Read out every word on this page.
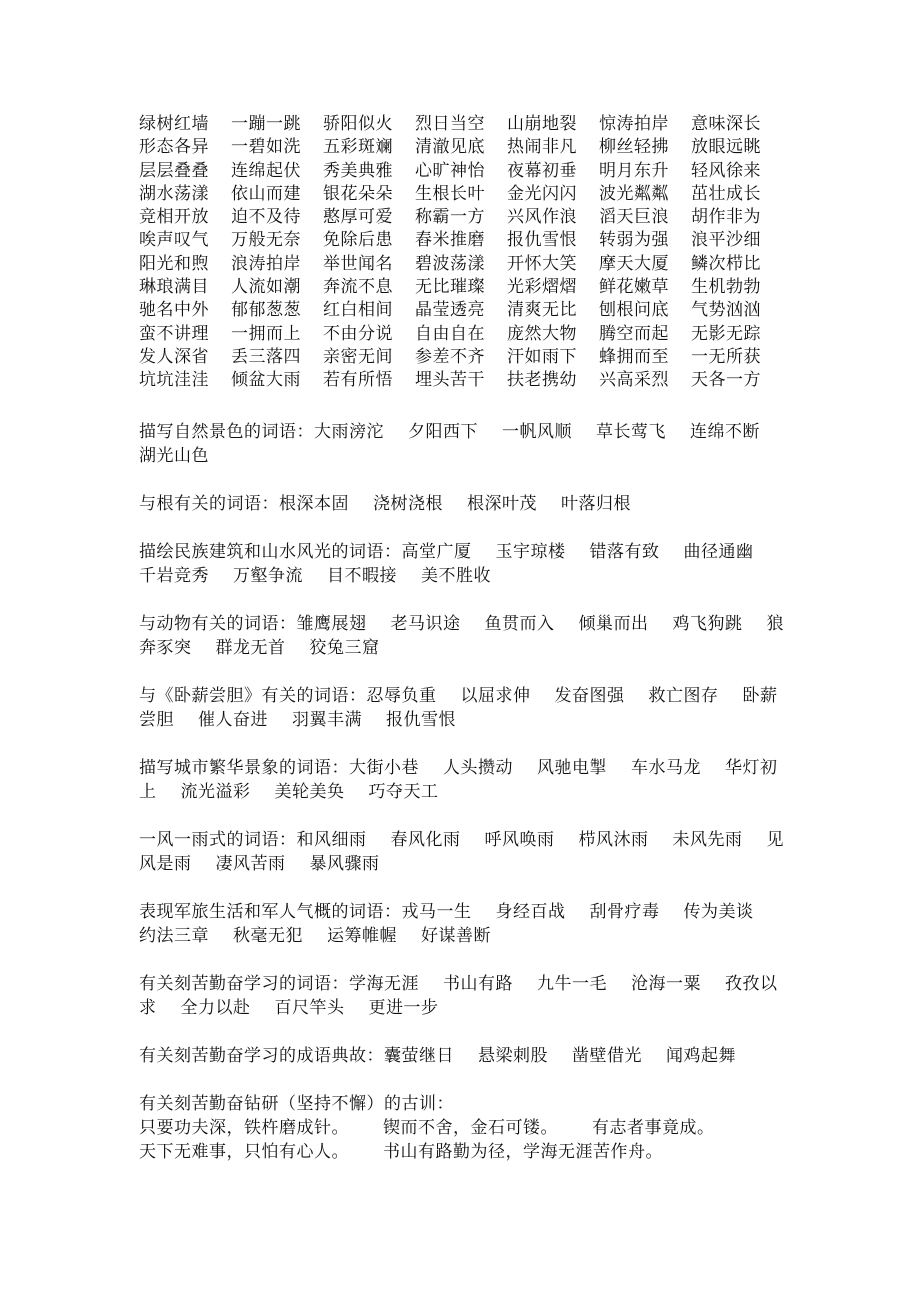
绿树红墙	一蹦一跳	骄阳似火	烈日当空	山崩地裂	惊涛拍岸	意味深长
形态各异	一碧如洗	五彩斑斓	清澈见底	热闹非凡	柳丝轻拂	放眼远眺
层层叠叠	连绵起伏	秀美典雅	心旷神怡	夜幕初垂	明月东升	轻风徐来
湖水荡漾	依山而建	银花朵朵	生根长叶	金光闪闪	波光粼粼	茁壮成长
竞相开放	迫不及待	憨厚可爱	称霸一方	兴风作浪	滔天巨浪	胡作非为
唉声叹气	万般无奈	免除后患	舂米推磨	报仇雪恨	转弱为强	浪平沙细
阳光和煦	浪涛拍岸	举世闻名	碧波荡漾	开怀大笑	摩天大厦	鳞次栉比
琳琅满目	人流如潮	奔流不息	无比璀璨	光彩熠熠	鲜花嫩草	生机勃勃
驰名中外	郁郁葱葱	红白相间	晶莹透亮	清爽无比	刨根问底	气势汹汹
蛮不讲理	一拥而上	不由分说	自由自在	庞然大物	腾空而起	无影无踪
发人深省	丢三落四	亲密无间	参差不齐	汗如雨下	蜂拥而至	一无所获
坑坑洼洼	倾盆大雨	若有所悟	埋头苦干	扶老携幼	兴高采烈	天各一方
描写自然景色的词语：大雨滂沱 夕阳西下 一帆风顺 草长莺飞 连绵不断湖光山色
与根有关的词语：根深本固 浇树浇根 根深叶茂 叶落归根
描绘民族建筑和山水风光的词语：高堂广厦 玉宇琼楼 错落有致 曲径通幽千岩竞秀 万壑争流 目不暇接 美不胜收
与动物有关的词语：雏鹰展翅 老马识途 鱼贯而入 倾巢而出 鸡飞狗跳 狼奔豕突 群龙无首 狡兔三窟
与《卧薪尝胆》有关的词语：忍辱负重 以屈求伸 发奋图强 救亡图存 卧薪尝胆 催人奋进 羽翼丰满 报仇雪恨
描写城市繁华景象的词语：大街小巷 人头攒动 风驰电掣 车水马龙 华灯初上 流光溢彩 美轮美奂 巧夺天工
一风一雨式的词语：和风细雨 春风化雨 呼风唤雨 栉风沐雨 未风先雨 见风是雨 凄风苦雨 暴风骤雨
表现军旅生活和军人气概的词语：戎马一生 身经百战 刮骨疗毒 传为美谈约法三章 秋毫无犯 运筹帷幄 好谋善断
有关刻苦勤奋学习的词语：学海无涯 书山有路 九牛一毛 沧海一粟 孜孜以求 全力以赴 百尺竿头 更进一步
有关刻苦勤奋学习的成语典故：囊萤继日 悬梁刺股 凿壁借光 闻鸡起舞
有关刻苦勤奋钻研（坚持不懈）的古训：
只要功夫深，铁杵磨成针。 锲而不舍，金石可镂。 有志者事竟成。
天下无难事，只怕有心人。 书山有路勤为径，学海无涯苦作舟。
